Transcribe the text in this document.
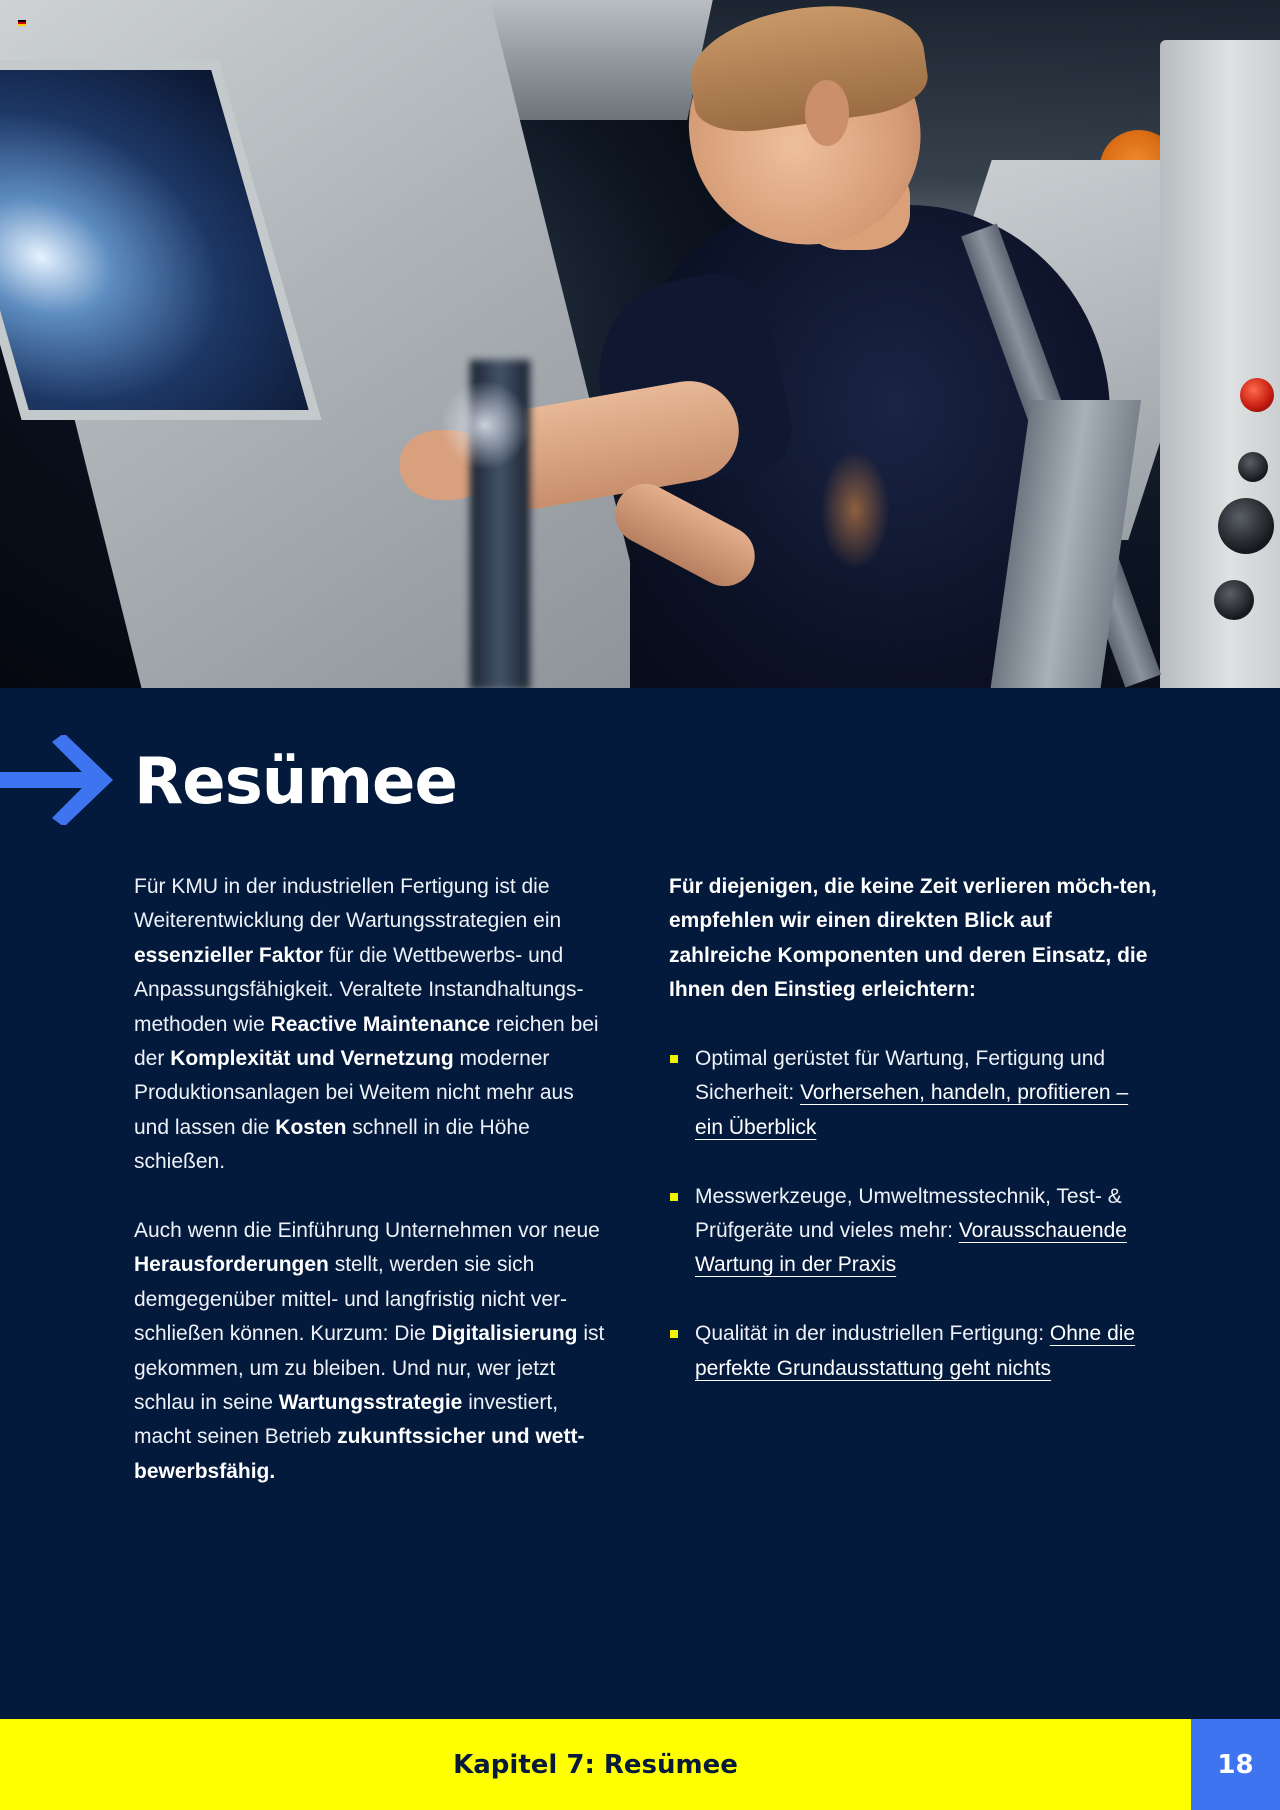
Resümee

Für KMU in der industriellen Fertigung ist die Weiterentwicklung der Wartungsstrategien ein essenzieller Faktor für die Wettbewerbs- und Anpassungsfähigkeit. Veraltete Instandhaltungs-methoden wie Reactive Maintenance reichen bei der Komplexität und Vernetzung moderner Produktionsanlagen bei Weitem nicht mehr aus und lassen die Kosten schnell in die Höhe schießen.

Auch wenn die Einführung Unternehmen vor neue Herausforderungen stellt, werden sie sich demgegenüber mittel- und langfristig nicht ver-schließen können. Kurzum: Die Digitalisierung ist gekommen, um zu bleiben. Und nur, wer jetzt schlau in seine Wartungsstrategie investiert, macht seinen Betrieb zukunftssicher und wett-bewerbsfähig.

Für diejenigen, die keine Zeit verlieren möch-ten, empfehlen wir einen direkten Blick auf zahlreiche Komponenten und deren Einsatz, die Ihnen den Einstieg erleichtern:
Optimal gerüstet für Wartung, Fertigung und Sicherheit: Vorhersehen, handeln, profitieren – ein Überblick
Messwerkzeuge, Umweltmesstechnik, Test- & Prüfgeräte und vieles mehr: Vorausschauende Wartung in der Praxis
Qualität in der industriellen Fertigung: Ohne die perfekte Grundausstattung geht nichts
Kapitel 7: Resümee	18
